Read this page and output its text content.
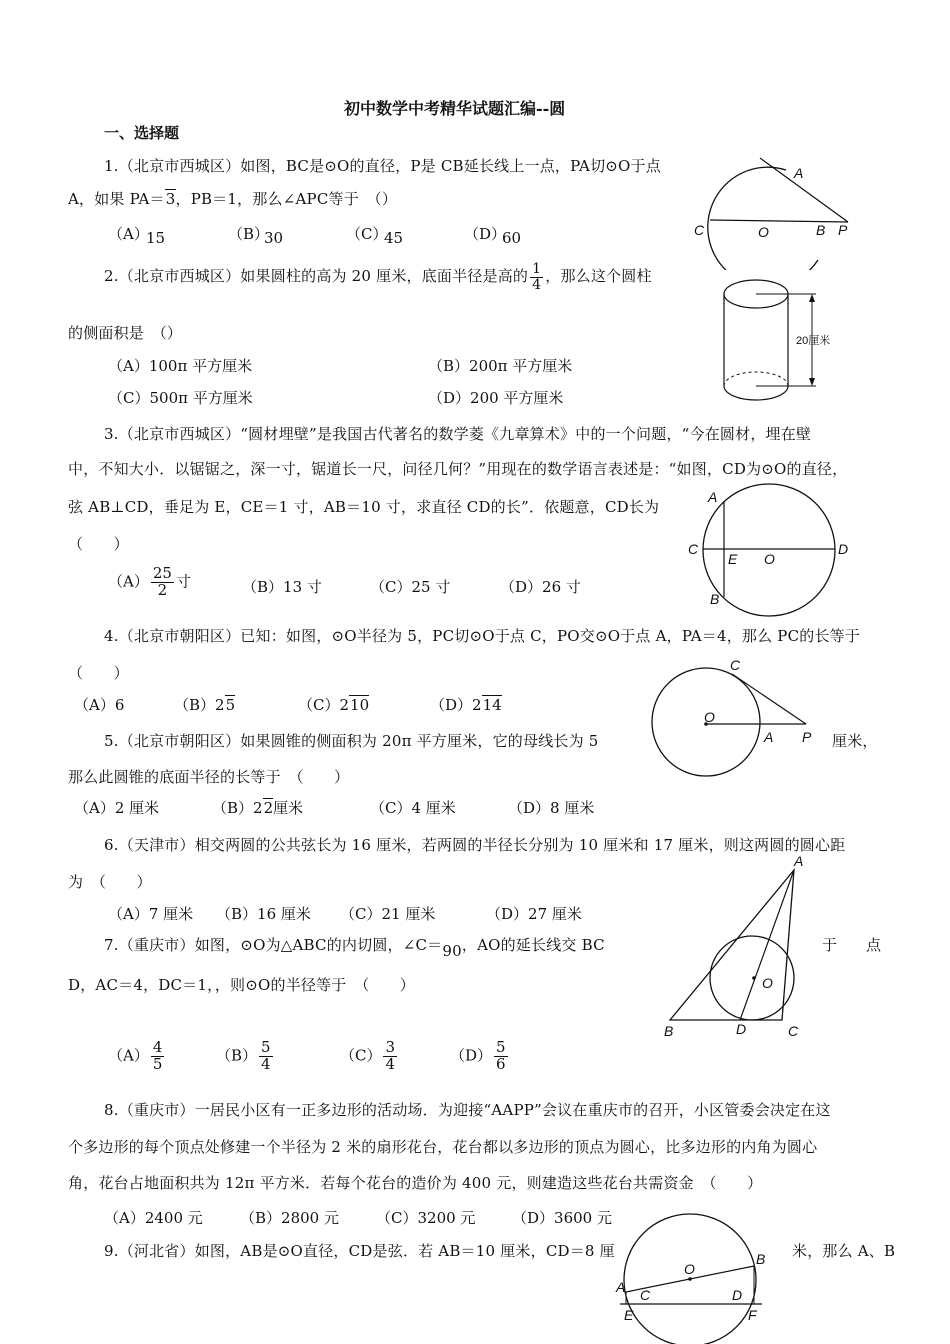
初中数学中考精华试题汇编--圆
一、选择题
1.（北京市西城区）如图，BC是⊙O的直径，P是 CB延长线上一点，PA切⊙O于点
A，如果 PA＝3，PB＝1，那么∠APC等于　（）
（A）
15	（B）
30	（C）
45	（D）
60
A
C	O	B P
2.（北京市西城区）如果圆柱的高为 20 厘米，底面半径是高的 $\frac{1}{4}$ ，那么这个圆柱
的侧面积是　（）
（A）100π 平方厘米	（B）200π 平方厘米
（C）500π 平方厘米	（D）200 平方厘米
20厘米
3.（北京市西城区）“圆材埋壁”是我国古代著名的数学菱《九章算术》中的一个问题，“今在圆材，埋在壁
中，不知大小．以锯锯之，深一寸，锯道长一尺，问径几何？”用现在的数学语言表述是：“如图，CD为⊙O的直径，
弦 AB⊥CD，垂足为 E，CE＝1 寸，AB＝10 寸，求直径 CD的长”．依题意，CD长为
（　　）
$(A) \frac{25}{2}$ 寸	（B）13 寸	（C）25 寸	（D）26 寸
A
C
E O
D
B
4.（北京市朝阳区）已知：如图，⊙O半径为 5，PC切⊙O于点 C，PO交⊙O于点 A，PA＝4，那么 PC的长等于
（　　）
（A）6	（B）25	（C）210	（D）214
C
O
A P
5.（北京市朝阳区）如果圆锥的侧面积为 20π 平方厘米，它的母线长为 5	厘米，
那么此圆锥的底面半径的长等于　（　　）
（A）2 厘米	（B）22厘米	（C）4 厘米	（D）8 厘米
6.（天津市）相交两圆的公共弦长为 16 厘米，若两圆的半径长分别为 10 厘米和 17 厘米，则这两圆的圆心距
为　（　　）
（A）7 厘米 （B）16 厘米 （C）21 厘米	（D）27 厘米
A
O
B	D	C
7.（重庆市）如图，⊙O为△ABC的内切圆，∠C＝90，AO的延长线交 BC	于 点
D，AC＝4，DC＝1，，则⊙O的半径等于　（　　）
$(A) \frac{4}{5}$	$(B) \frac{5}{4}$	$(C) \frac{3}{4}$	$(D) \frac{5}{6}$
8.（重庆市）一居民小区有一正多边形的活动场．为迎接“AAPP”会议在重庆市的召开，小区管委会决定在这
个多边形的每个顶点处修建一个半径为 2 米的扇形花台，花台都以多边形的顶点为圆心，比多边形的内角为圆心
角，花台占地面积共为 12π 平方米．若每个花台的造价为 400 元，则建造这些花台共需资金　（　　）
（A）2400 元 （B）2800 元 （C）3200 元 （D）3600 元
9.（河北省）如图，AB是⊙O直径，CD是弦．若 AB＝10 厘米，CD＝8 厘	米，那么 A、B
B
O
A C	D
E	F
